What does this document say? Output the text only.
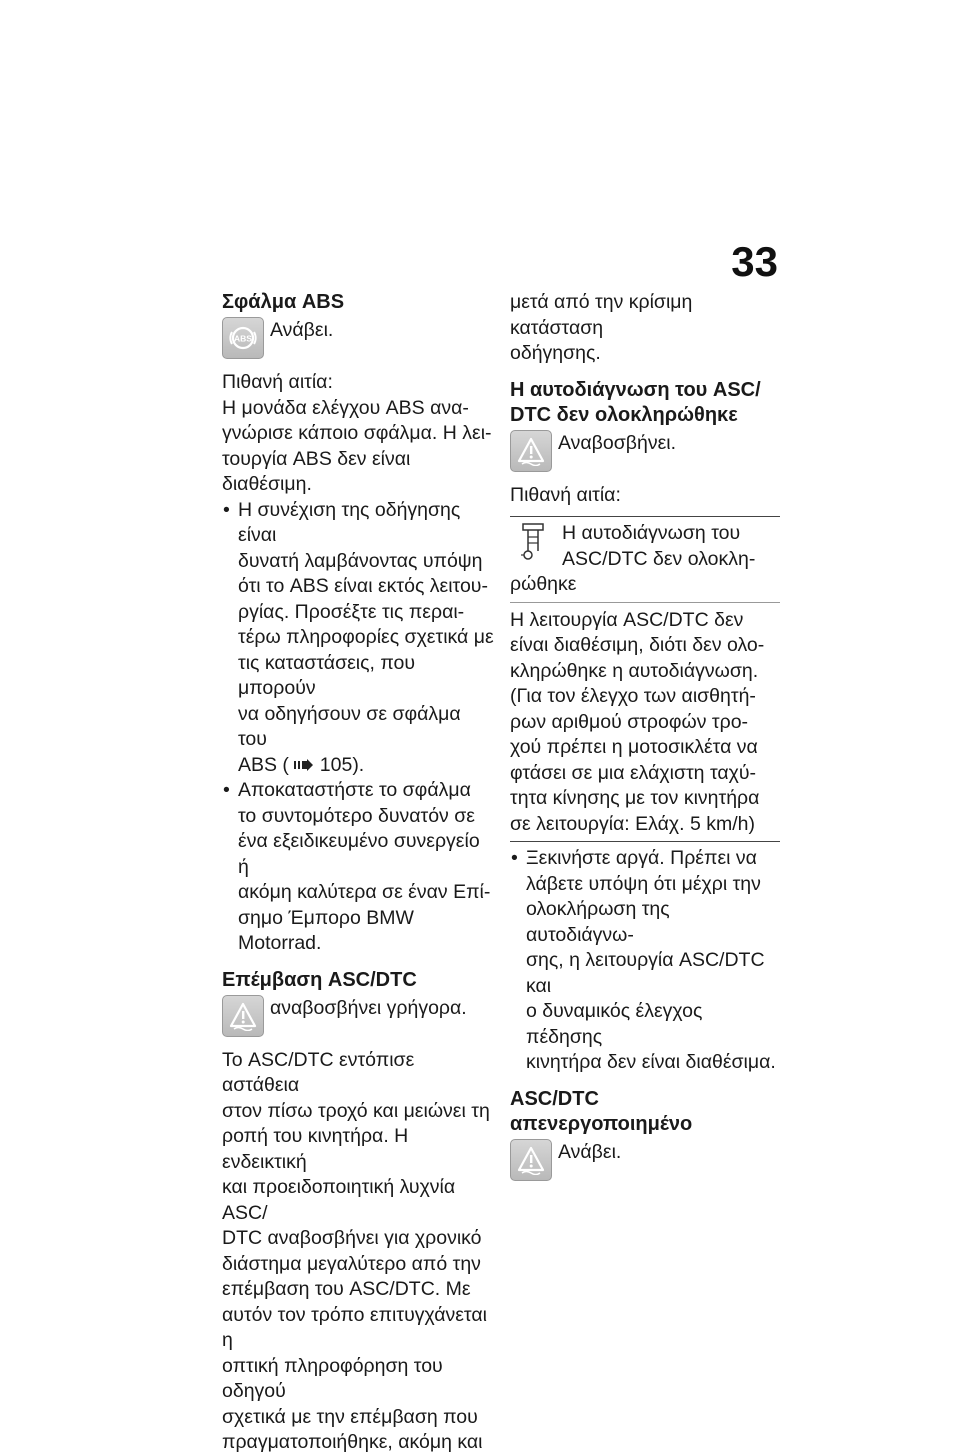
33

Σφάλμα ABS

ABS Ανάβει.

Πιθανή αιτία:

Η μονάδα ελέγχου ABS ανα-

γνώρισε κάποιο σφάλμα. Η λει-

τουργία ABS δεν είναι διαθέσιμη.

• Η συνέχιση της οδήγησης είναι
δυνατή λαμβάνοντας υπόψη
ότι το ABS είναι εκτός λειτου-
ργίας. Προσέξτε τις περαι-
τέρω πληροφορίες σχετικά με
τις καταστάσεις, που μπορούν
να οδηγήσουν σε σφάλμα του
ABS ( 105).
• Αποκαταστήστε το σφάλμα
το συντομότερο δυνατόν σε
ένα εξειδικευμένο συνεργείο ή
ακόμη καλύτερα σε έναν Επί-
σημο Έμπορο BMW Motorrad.

Επέμβαση ASC/DTC

αναβοσβήνει γρήγορα.

Το ASC/DTC εντόπισε αστάθεια

στον πίσω τροχό και μειώνει τη

ροπή του κινητήρα. Η ενδεικτική

και προειδοποιητική λυχνία ASC/

DTC αναβοσβήνει για χρονικό

διάστημα μεγαλύτερο από την

επέμβαση του ASC/DTC. Με

αυτόν τον τρόπο επιτυγχάνεται η

οπτική πληροφόρηση του οδηγού

σχετικά με την επέμβαση που

πραγματοποιήθηκε, ακόμη και

μετά από την κρίσιμη κατάσταση

οδήγησης.

Η αυτοδιάγνωση του ASC/

DTC δεν ολοκληρώθηκε

Αναβοσβήνει.

Πιθανή αιτία:

Η αυτοδιάγνωση του
ASC/DTC δεν ολοκλη-
ρώθηκε
Η λειτουργία ASC/DTC δεν
είναι διαθέσιμη, διότι δεν ολο-
κληρώθηκε η αυτοδιάγνωση.
(Για τον έλεγχο των αισθητή-
ρων αριθμού στροφών τρο-
χού πρέπει η μοτοσικλέτα να
φτάσει σε μια ελάχιστη ταχύ-
τητα κίνησης με τον κινητήρα
σε λειτουργία: Ελάχ. 5 km/h)
• Ξεκινήστε αργά. Πρέπει να
λάβετε υπόψη ότι μέχρι την
ολοκλήρωση της αυτοδιάγνω-
σης, η λειτουργία ASC/DTC και
ο δυναμικός έλεγχος πέδησης
κινητήρα δεν είναι διαθέσιμα.

ASC/DTC απενεργοποιημένο

Ανάβει.
